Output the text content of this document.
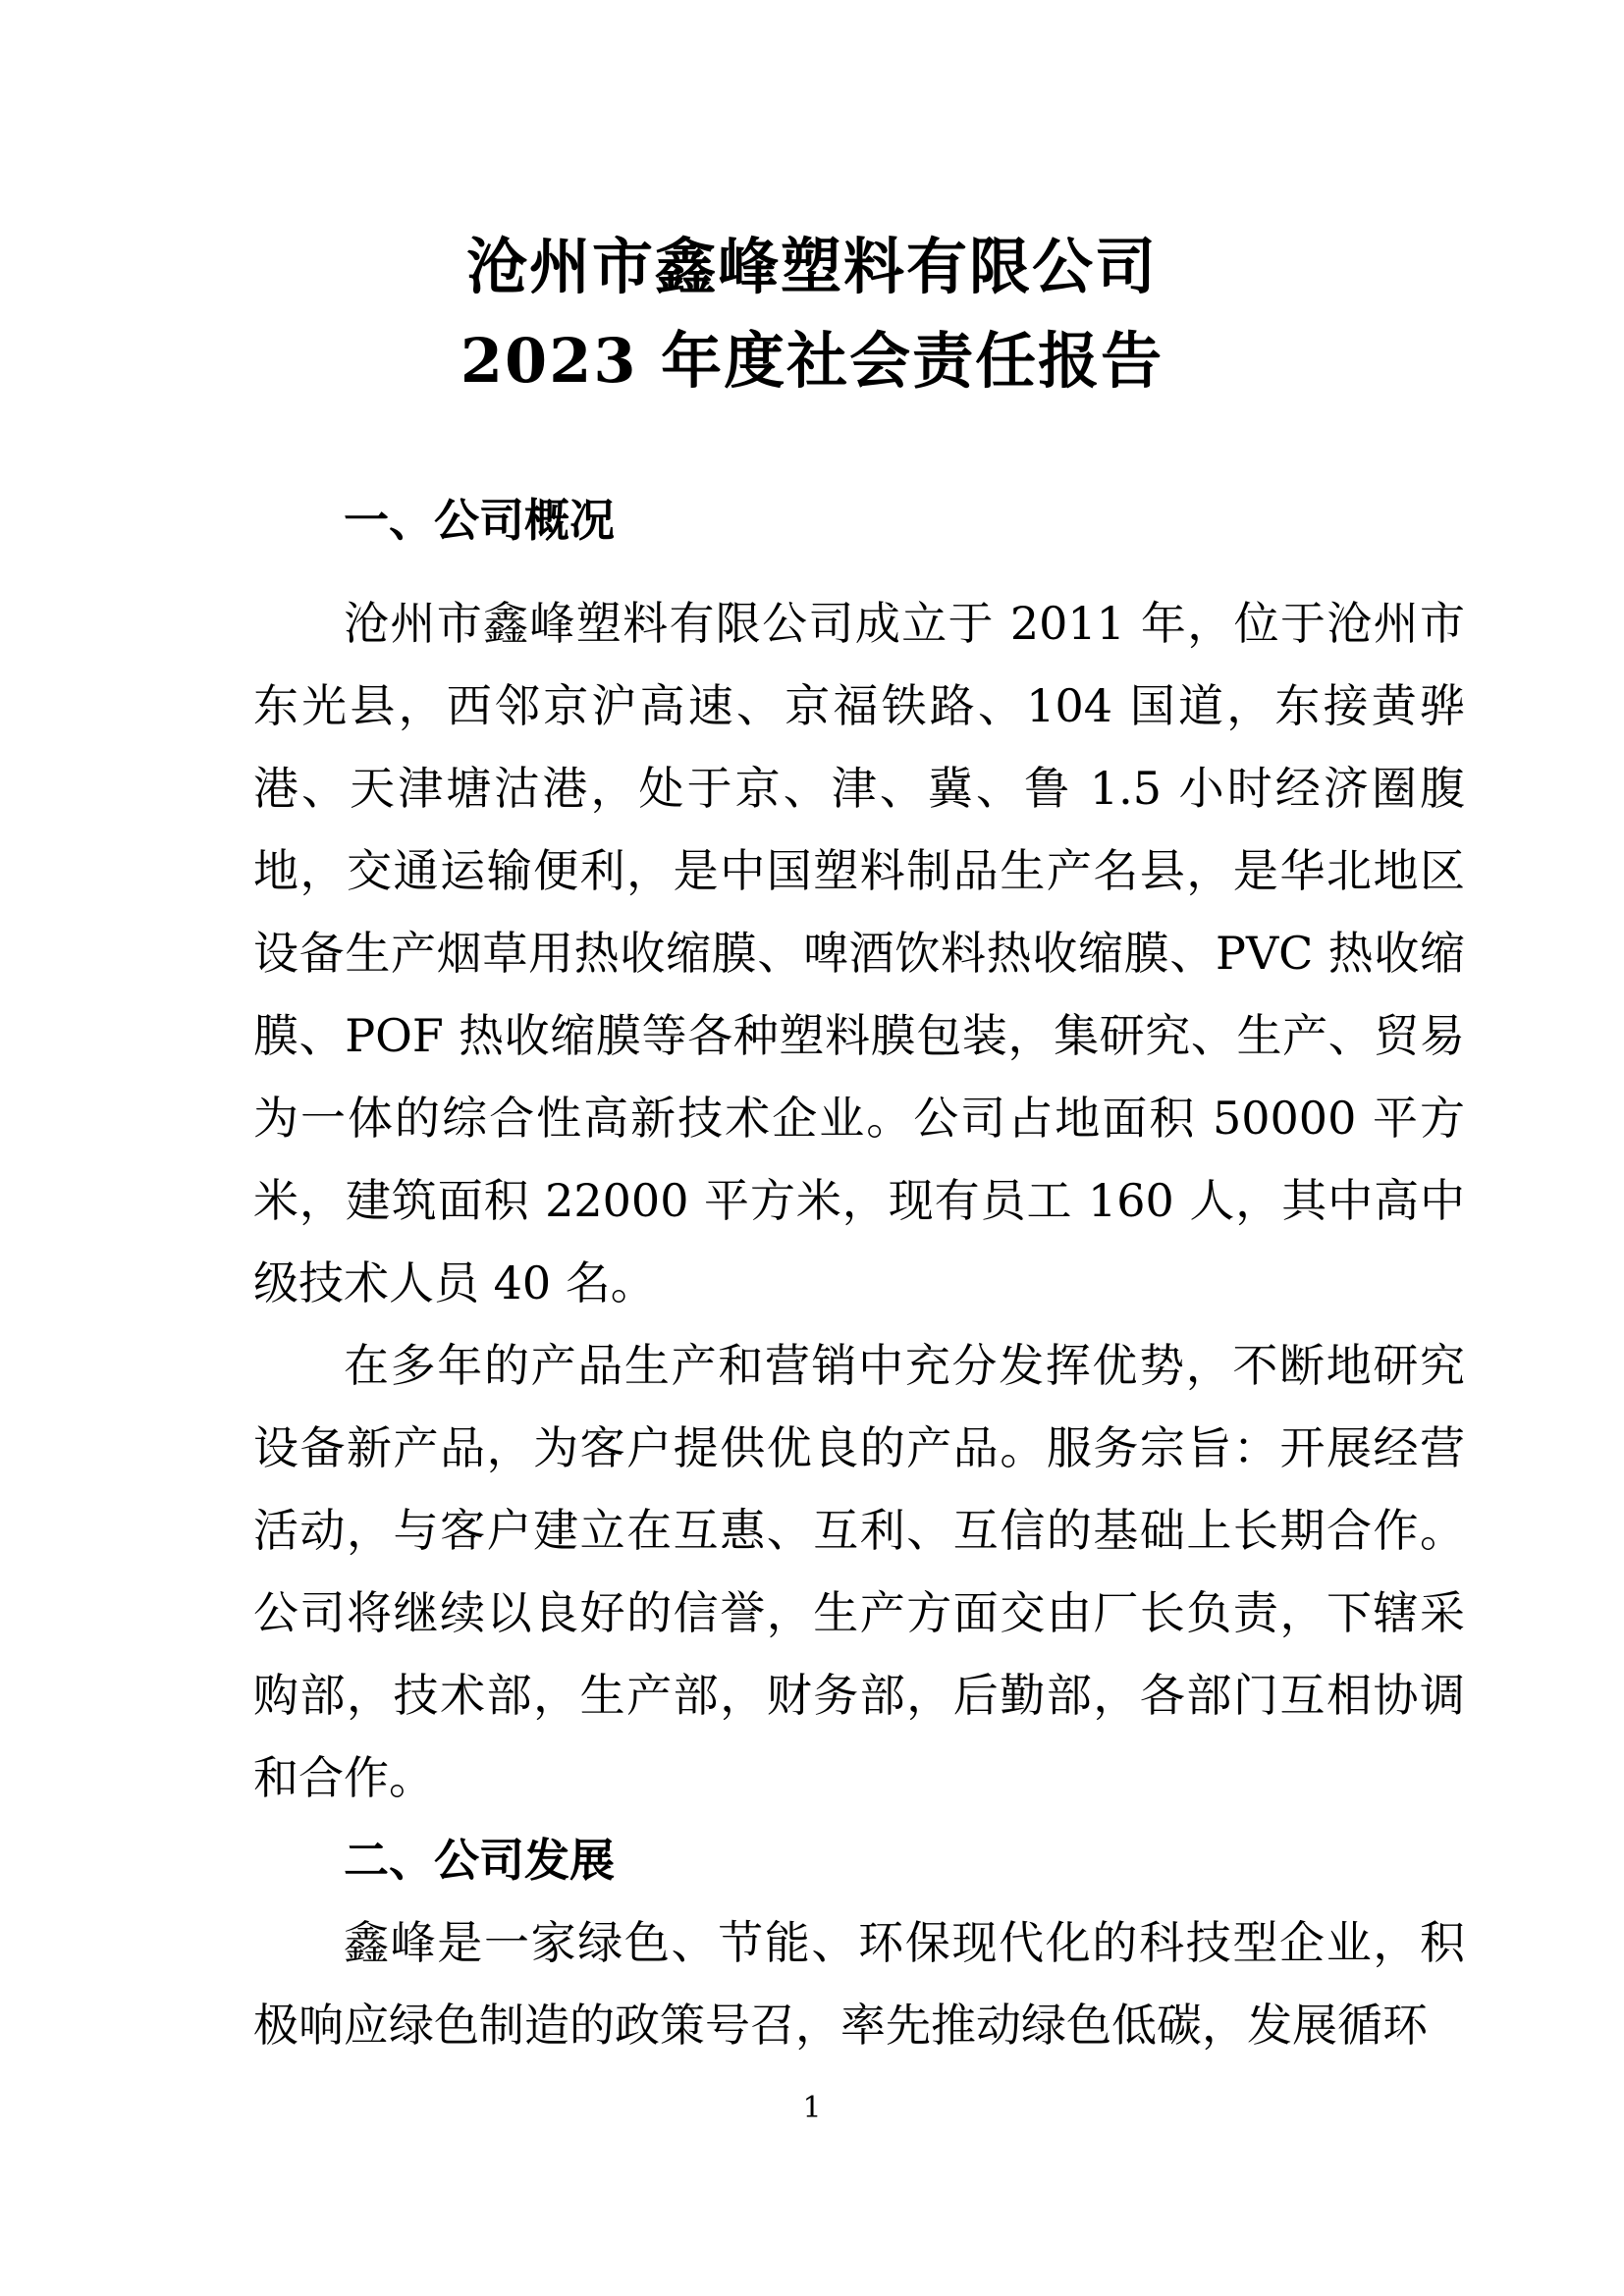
沧州市鑫峰塑料有限公司
2023 年度社会责任报告
一、公司概况

沧州市鑫峰塑料有限公司成立于 2011 年，位于沧州市东光县，西邻京沪高速、京福铁路、104 国道，东接黄骅港、天津塘沽港，处于京、津、冀、鲁 1.5 小时经济圈腹地，交通运输便利，是中国塑料制品生产名县，是华北地区设备生产烟草用热收缩膜、啤酒饮料热收缩膜、PVC 热收缩膜、POF 热收缩膜等各种塑料膜包装，集研究、生产、贸易为一体的综合性高新技术企业。公司占地面积 50000 平方米，建筑面积 22000 平方米，现有员工 160 人，其中高中级技术人员 40 名。

在多年的产品生产和营销中充分发挥优势，不断地研究设备新产品，为客户提供优良的产品。服务宗旨：开展经营活动，与客户建立在互惠、互利、互信的基础上长期合作。公司将继续以良好的信誉，生产方面交由厂长负责，下辖采购部，技术部，生产部，财务部，后勤部，各部门互相协调和合作。

二、公司发展

鑫峰是一家绿色、节能、环保现代化的科技型企业，积极响应绿色制造的政策号召，率先推动绿色低碳，发展循环

1
